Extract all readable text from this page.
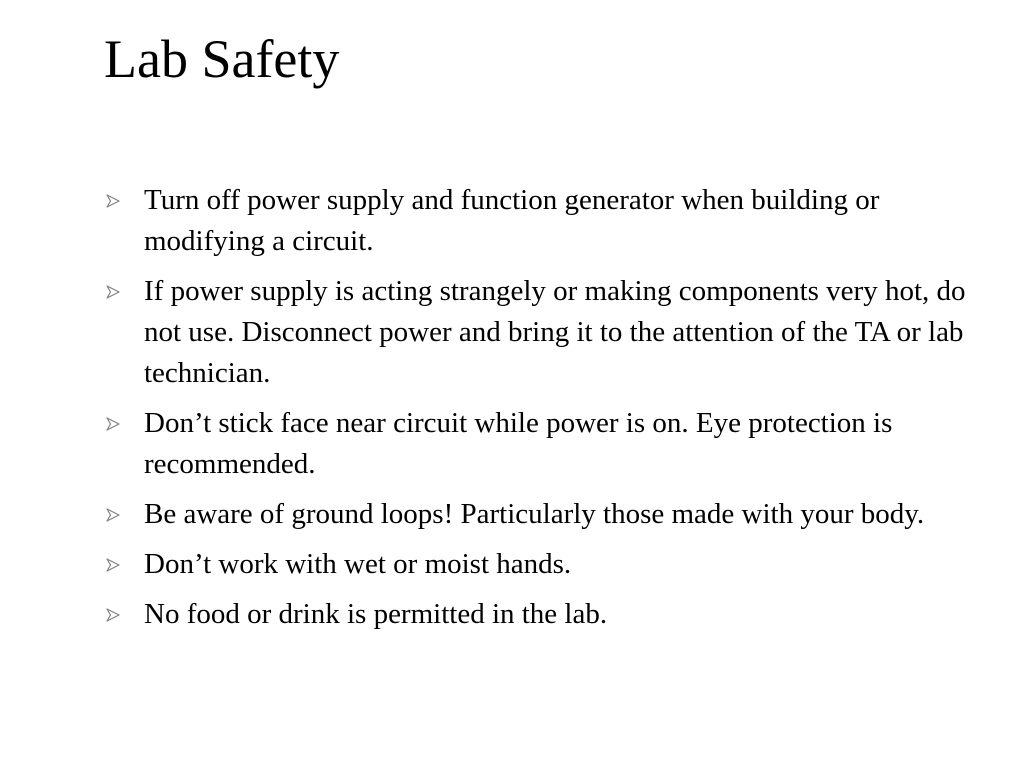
Lab Safety
Turn off power supply and function generator when building or modifying a circuit.
If power supply is acting strangely or making components very hot, do not use. Disconnect power and bring it to the attention of the TA or lab technician.
Don’t stick face near circuit while power is on. Eye protection is recommended.
Be aware of ground loops! Particularly those made with your body.
Don’t work with wet or moist hands.
No food or drink is permitted in the lab.
